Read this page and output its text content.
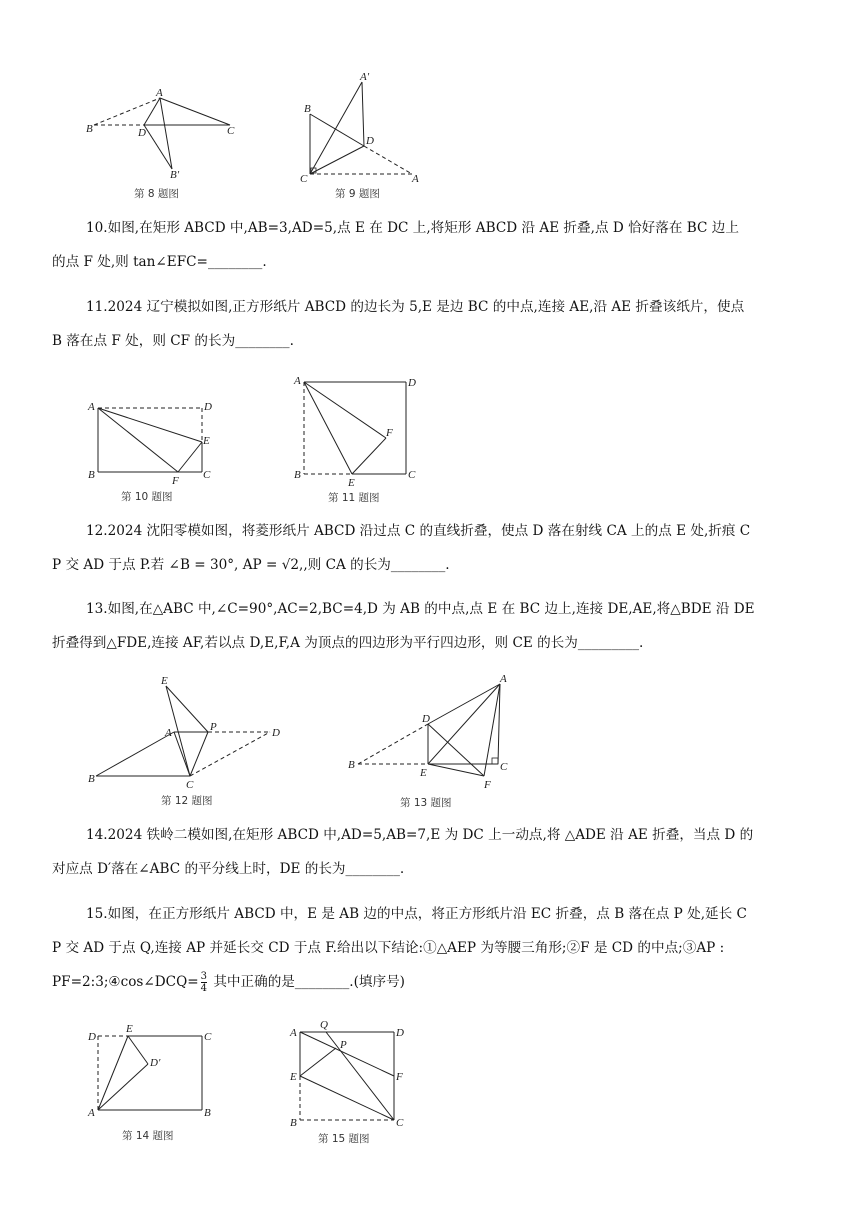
A
B	D	C
B′
第 8 题图
A′
B
D
C	A
第 9 题图

10.如图,在矩形 ABCD 中,AB=3,AD=5,点 E 在 DC 上,将矩形 ABCD 沿 AE 折叠,点 D 恰好落在 BC 边上
的点 F 处,则 tan∠EFC=________.

11.2024 辽宁模拟如图,正方形纸片 ABCD 的边长为 5,E 是边 BC 的中点,连接 AE,沿 AE 折叠该纸片，使点
B 落在点 F 处，则 CF 的长为________.

A	D
E
B	F C
第 10 题图
A	D
F
B
E
C
第 11 题图

12.2024 沈阳零模如图，将菱形纸片 ABCD 沿过点 C 的直线折叠，使点 D 落在射线 CA 上的点 E 处,折痕 C
P 交 AD 于点 P.若 ∠B = 30°, AP = √2,,则 CA 的长为________.

13.如图,在△ABC 中,∠C=90°,AC=2,BC=4,D 为 AB 的中点,点 E 在 BC 边上,连接 DE,AE,将△BDE 沿 DE
折叠得到△FDE,连接 AF,若以点 D,E,F,A 为顶点的四边形为平行四边形，则 CE 的长为_________.

E
A	P	D
B	C
第 12 题图
A
D
B
E	C
F
第 13 题图

14.2024 铁岭二模如图,在矩形 ABCD 中,AD=5,AB=7,E 为 DC 上一动点,将 △ADE 沿 AE 折叠，当点 D 的
对应点 D′落在∠ABC 的平分线上时，DE 的长为________.

15.如图，在正方形纸片 ABCD 中，E 是 AB 边的中点，将正方形纸片沿 EC 折叠，点 B 落在点 P 处,延长 C
P 交 AD 于点 Q,连接 AP 并延长交 CD 于点 F.给出以下结论:①△AEP 为等腰三角形;②F 是 CD 的中点;③AP :
PF=2:3;④cos∠DCQ= $\frac{3}{4}$ 其中正确的是________.(填序号)

D
E
C
D′
A	B
第 14 题图
Q
D
A
P
E	F
B	C
第 15 题图
